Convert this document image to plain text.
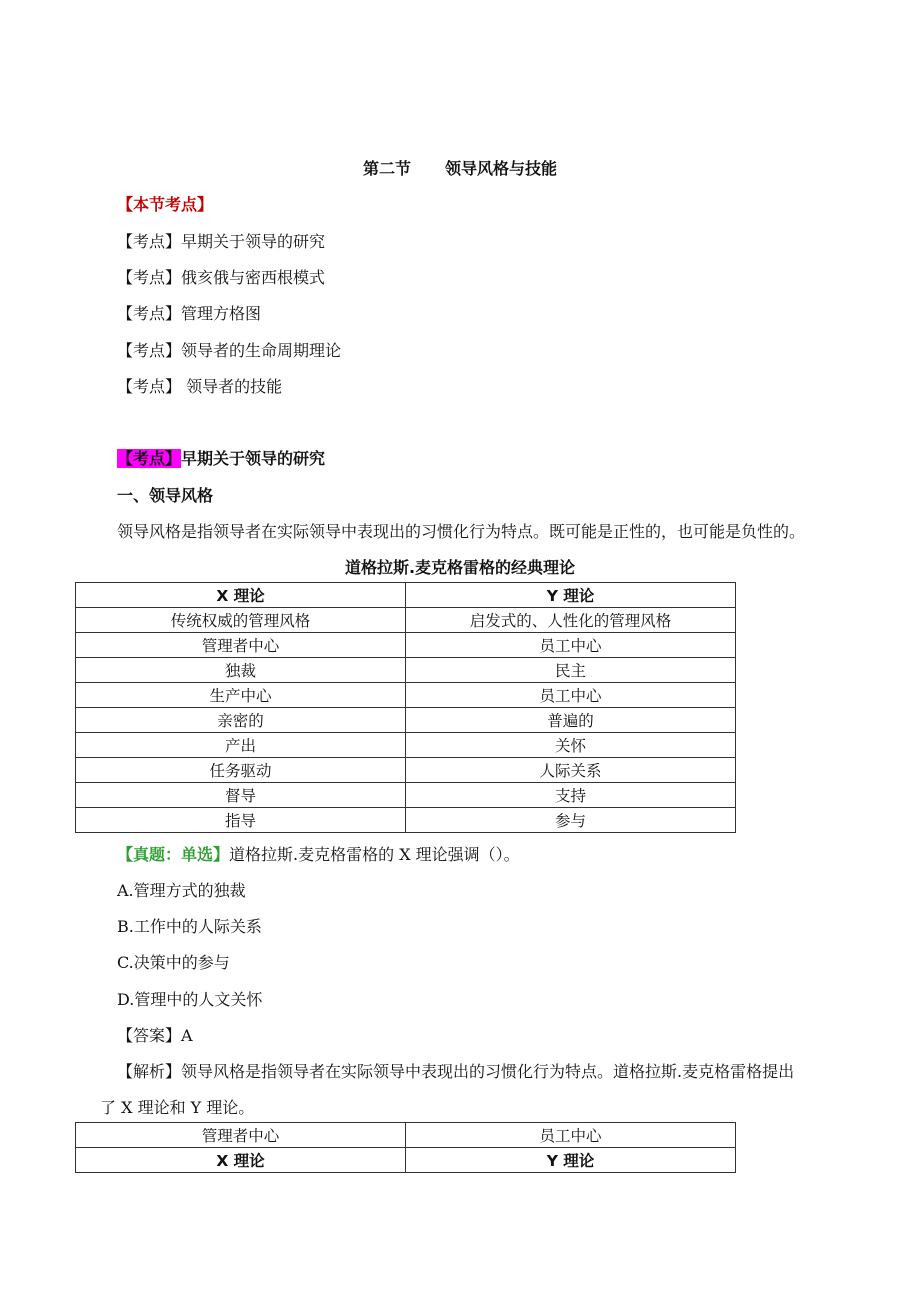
第二节 领导风格与技能
【本节考点】
【考点】早期关于领导的研究
【考点】俄亥俄与密西根模式
【考点】管理方格图
【考点】领导者的生命周期理论
【考点】 领导者的技能
【考点】早期关于领导的研究
一、领导风格
领导风格是指领导者在实际领导中表现出的习惯化行为特点。既可能是正性的，也可能是负性的。
道格拉斯.麦克格雷格的经典理论
X 理论	Y 理论
传统权威的管理风格	启发式的、人性化的管理风格
管理者中心	员工中心
独裁	民主
生产中心	员工中心
亲密的	普遍的
产出	关怀
任务驱动	人际关系
督导	支持
指导	参与
【真题：单选】道格拉斯.麦克格雷格的 X 理论强调（）。
A.管理方式的独裁
B.工作中的人际关系
C.决策中的参与
D.管理中的人文关怀
【答案】A
【解析】领导风格是指领导者在实际领导中表现出的习惯化行为特点。道格拉斯.麦克格雷格提出
了 X 理论和 Y 理论。
管理者中心	员工中心
X 理论	Y 理论
